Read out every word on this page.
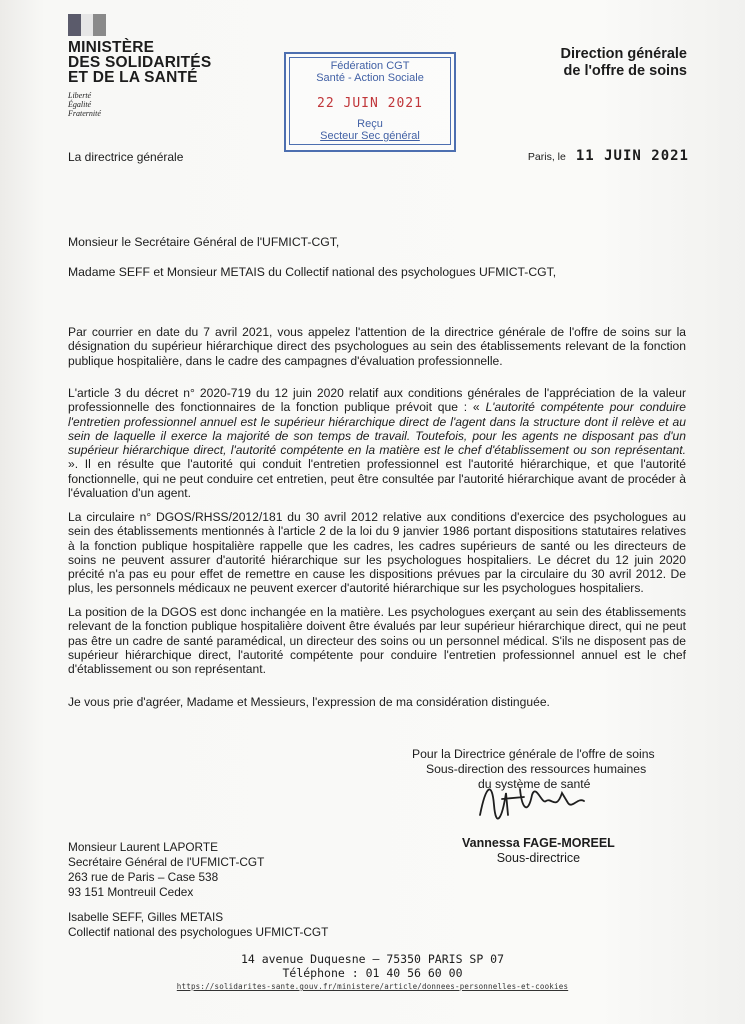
MINISTÈRE
DES SOLIDARITÉS
ET DE LA SANTÉ
Liberté
Égalité
Fraternité
Fédération CGT
Santé - Action Sociale
22 JUIN 2021
Reçu
Secteur Sec général
Direction générale
de l'offre de soins
La directrice générale	Paris, le 11 JUIN 2021
Monsieur le Secrétaire Général de l'UFMICT-CGT,
Madame SEFF et Monsieur METAIS du Collectif national des psychologues UFMICT-CGT,
Par courrier en date du 7 avril 2021, vous appelez l'attention de la directrice générale de l'offre de soins sur la désignation du supérieur hiérarchique direct des psychologues au sein des établissements relevant de la fonction publique hospitalière, dans le cadre des campagnes d'évaluation professionnelle.
L'article 3 du décret n° 2020-719 du 12 juin 2020 relatif aux conditions générales de l'appréciation de la valeur professionnelle des fonctionnaires de la fonction publique prévoit que : « L'autorité compétente pour conduire l'entretien professionnel annuel est le supérieur hiérarchique direct de l'agent dans la structure dont il relève et au sein de laquelle il exerce la majorité de son temps de travail. Toutefois, pour les agents ne disposant pas d'un supérieur hiérarchique direct, l'autorité compétente en la matière est le chef d'établissement ou son représentant. ». Il en résulte que l'autorité qui conduit l'entretien professionnel est l'autorité hiérarchique, et que l'autorité fonctionnelle, qui ne peut conduire cet entretien, peut être consultée par l'autorité hiérarchique avant de procéder à l'évaluation d'un agent.
La circulaire n° DGOS/RHSS/2012/181 du 30 avril 2012 relative aux conditions d'exercice des psychologues au sein des établissements mentionnés à l'article 2 de la loi du 9 janvier 1986 portant dispositions statutaires relatives à la fonction publique hospitalière rappelle que les cadres, les cadres supérieurs de santé ou les directeurs de soins ne peuvent assurer d'autorité hiérarchique sur les psychologues hospitaliers. Le décret du 12 juin 2020 précité n'a pas eu pour effet de remettre en cause les dispositions prévues par la circulaire du 30 avril 2012. De plus, les personnels médicaux ne peuvent exercer d'autorité hiérarchique sur les psychologues hospitaliers.
La position de la DGOS est donc inchangée en la matière. Les psychologues exerçant au sein des établissements relevant de la fonction publique hospitalière doivent être évalués par leur supérieur hiérarchique direct, qui ne peut pas être un cadre de santé paramédical, un directeur des soins ou un personnel médical. S'ils ne disposent pas de supérieur hiérarchique direct, l'autorité compétente pour conduire l'entretien professionnel annuel est le chef d'établissement ou son représentant.
Je vous prie d'agréer, Madame et Messieurs, l'expression de ma considération distinguée.
Pour la Directrice générale de l'offre de soins
Sous-direction des ressources humaines
du système de santé
Vannessa FAGE-MOREEL
Sous-directrice
Monsieur Laurent LAPORTE
Secrétaire Général de l'UFMICT-CGT
263 rue de Paris – Case 538
93 151 Montreuil Cedex
Isabelle SEFF, Gilles METAIS
Collectif national des psychologues UFMICT-CGT
14 avenue Duquesne – 75350 PARIS SP 07
Téléphone : 01 40 56 60 00
https://solidarites-sante.gouv.fr/ministere/article/donnees-personnelles-et-cookies
